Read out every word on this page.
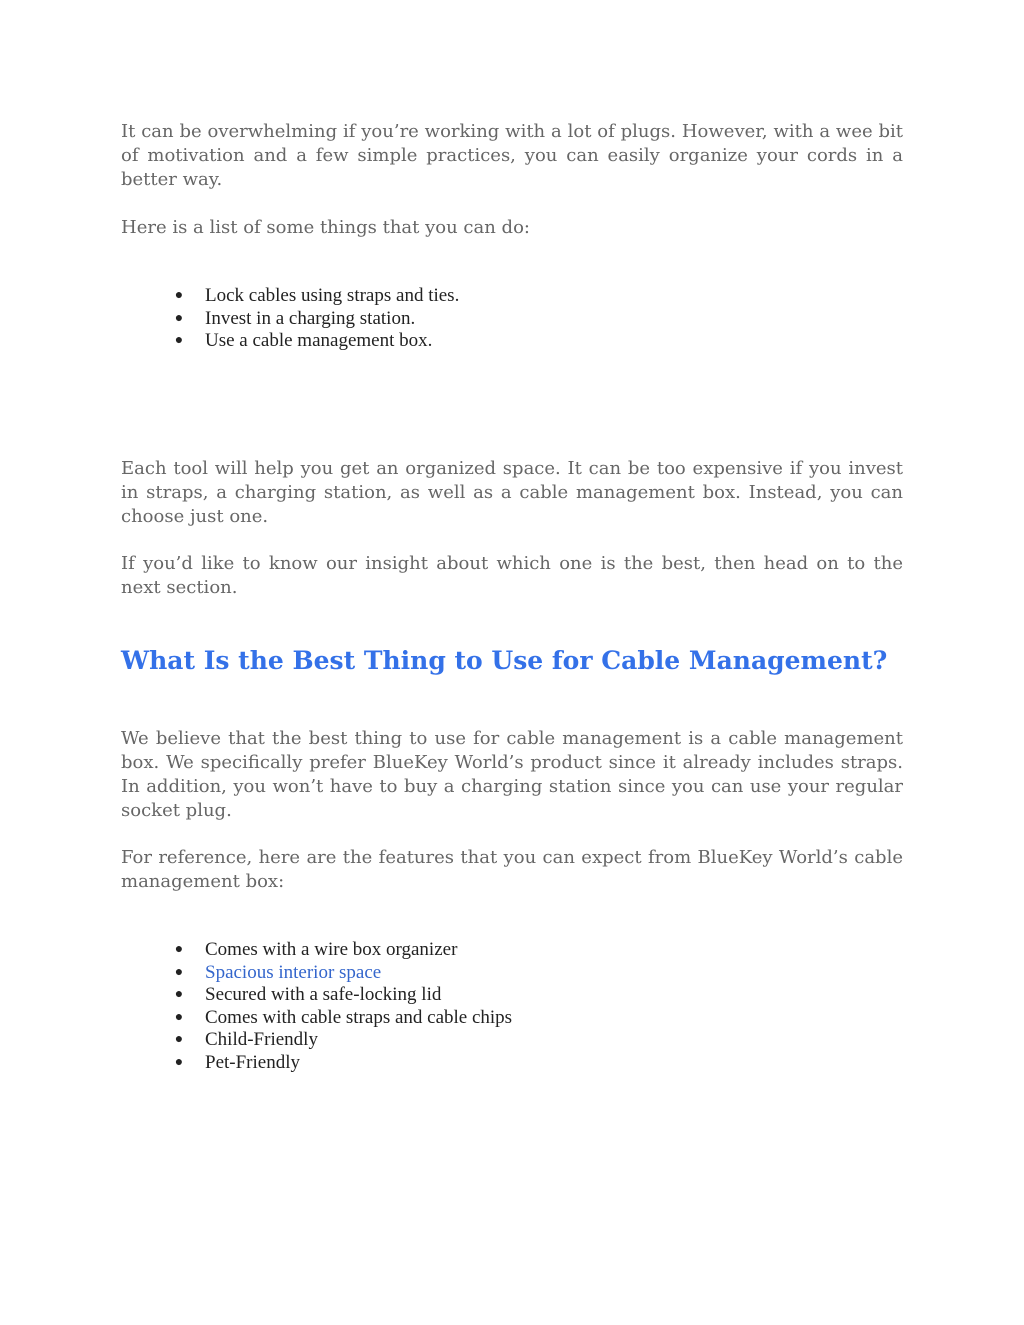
It can be overwhelming if you’re working with a lot of plugs. However, with a wee bit of motivation and a few simple practices, you can easily organize your cords in a better way.

Here is a list of some things that you can do:

● Lock cables using straps and ties.
● Invest in a charging station.
● Use a cable management box.

Each tool will help you get an organized space. It can be too expensive if you invest in straps, a charging station, as well as a cable management box. Instead, you can choose just one.

If you’d like to know our insight about which one is the best, then head on to the next section.

What Is the Best Thing to Use for Cable Management?

We believe that the best thing to use for cable management is a cable management box. We specifically prefer BlueKey World’s product since it already includes straps. In addition, you won’t have to buy a charging station since you can use your regular socket plug.

For reference, here are the features that you can expect from BlueKey World’s cable management box:

● Comes with a wire box organizer
● Spacious interior space
● Secured with a safe-locking lid
● Comes with cable straps and cable chips
● Child-Friendly
● Pet-Friendly
